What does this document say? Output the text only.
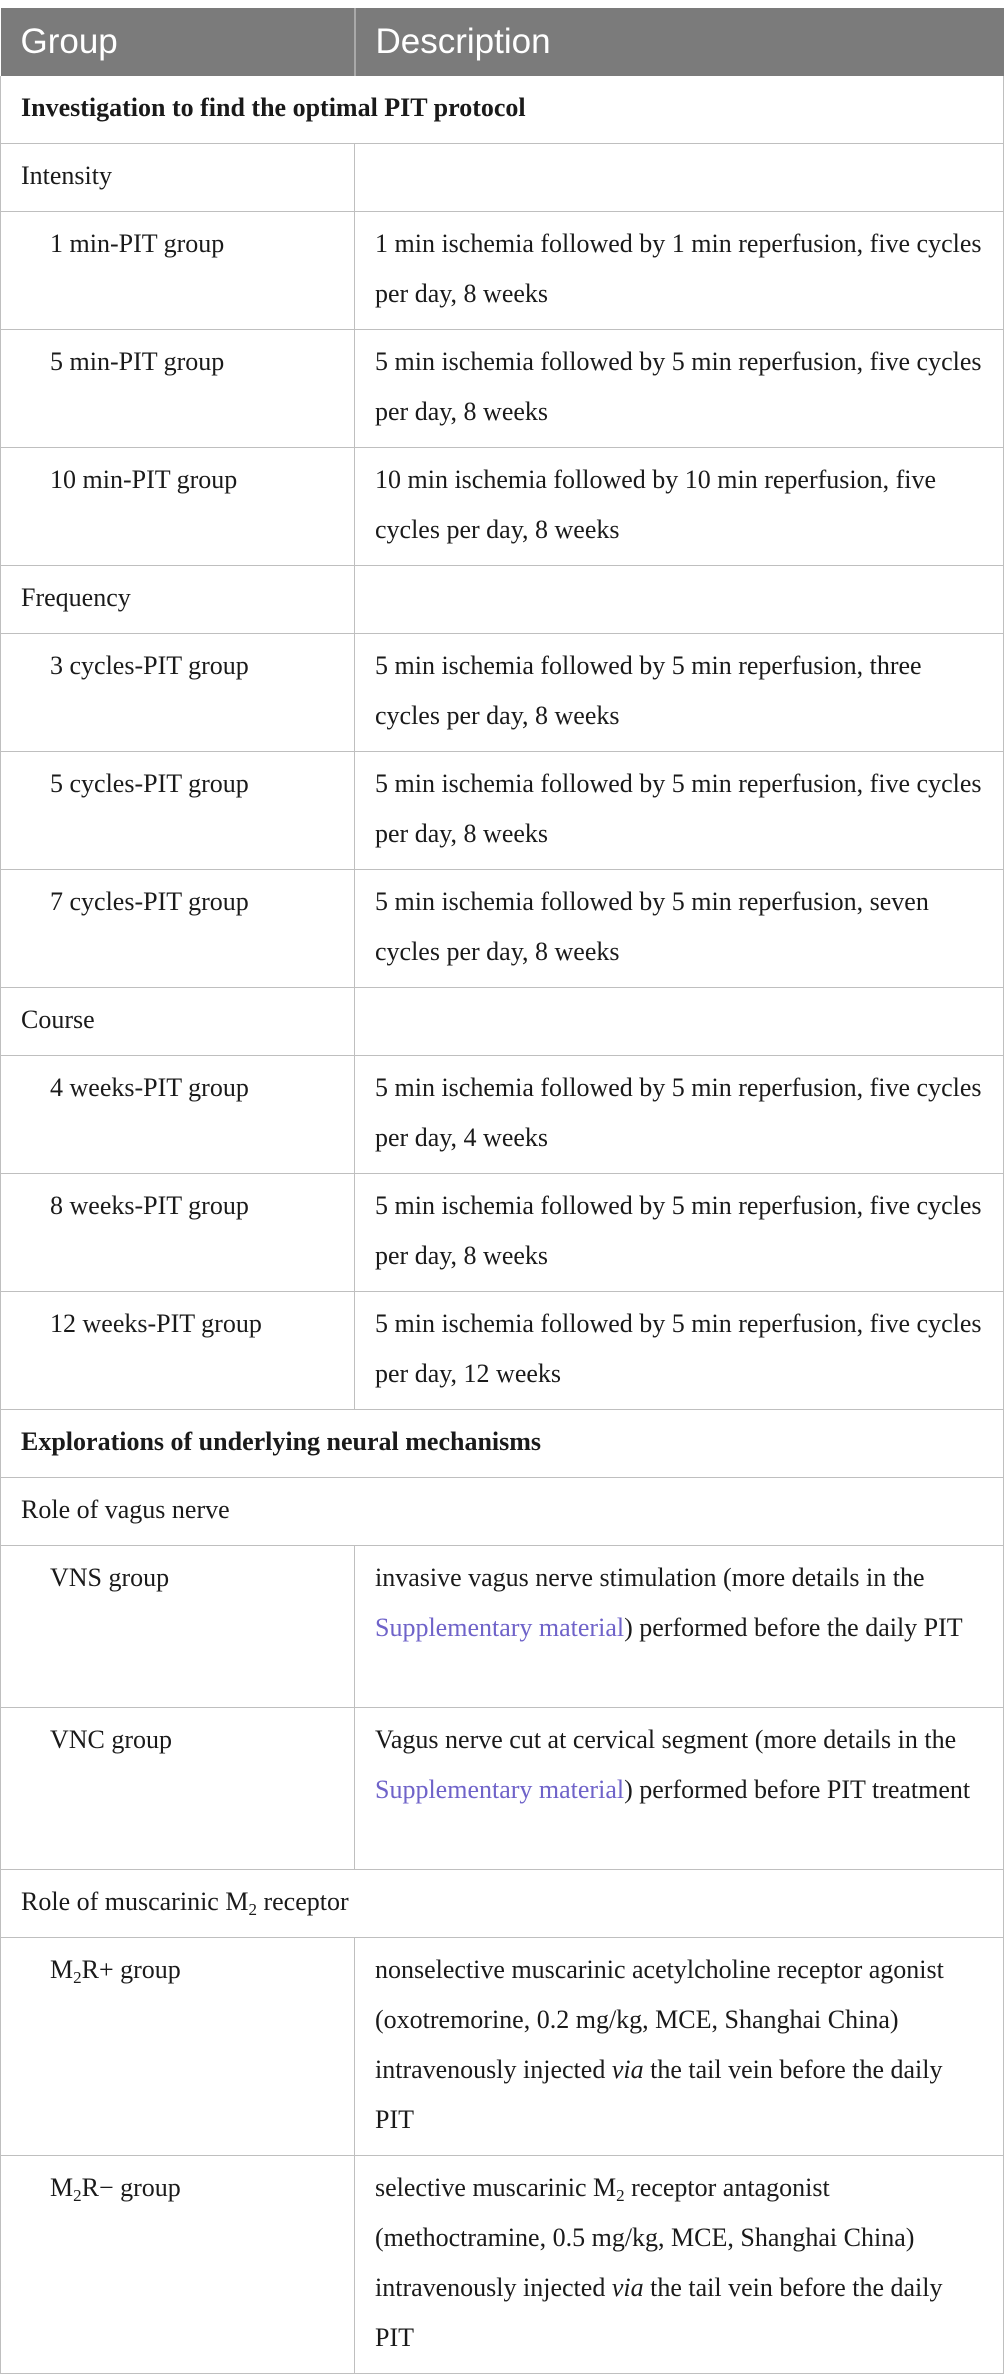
Group	Description
Investigation to find the optimal PIT protocol	
Intensity	
1 min-PIT group	1 min ischemia followed by 1 min reperfusion, five cycles per day, 8 weeks
5 min-PIT group	5 min ischemia followed by 5 min reperfusion, five cycles per day, 8 weeks
10 min-PIT group	10 min ischemia followed by 10 min reperfusion, five cycles per day, 8 weeks
Frequency	
3 cycles-PIT group	5 min ischemia followed by 5 min reperfusion, three cycles per day, 8 weeks
5 cycles-PIT group	5 min ischemia followed by 5 min reperfusion, five cycles per day, 8 weeks
7 cycles-PIT group	5 min ischemia followed by 5 min reperfusion, seven cycles per day, 8 weeks
Course	
4 weeks-PIT group	5 min ischemia followed by 5 min reperfusion, five cycles per day, 4 weeks
8 weeks-PIT group	5 min ischemia followed by 5 min reperfusion, five cycles per day, 8 weeks
12 weeks-PIT group	5 min ischemia followed by 5 min reperfusion, five cycles per day, 12 weeks
Explorations of underlying neural mechanisms	
Role of vagus nerve	
VNS group	invasive vagus nerve stimulation (more details in the Supplementary material) performed before the daily PIT
VNC group	Vagus nerve cut at cervical segment (more details in the Supplementary material) performed before PIT treatment
Role of muscarinic $M_2$ receptor	
$M_2R+$ group	nonselective muscarinic acetylcholine receptor agonist (oxotremorine, 0.2 mg/kg, MCE, Shanghai China) intravenously injected via the tail vein before the daily PIT
$M_2R-$ group	selective muscarinic $M_2$ receptor antagonist (methoctramine, 0.5 mg/kg, MCE, Shanghai China) intravenously injected via the tail vein before the daily PIT
